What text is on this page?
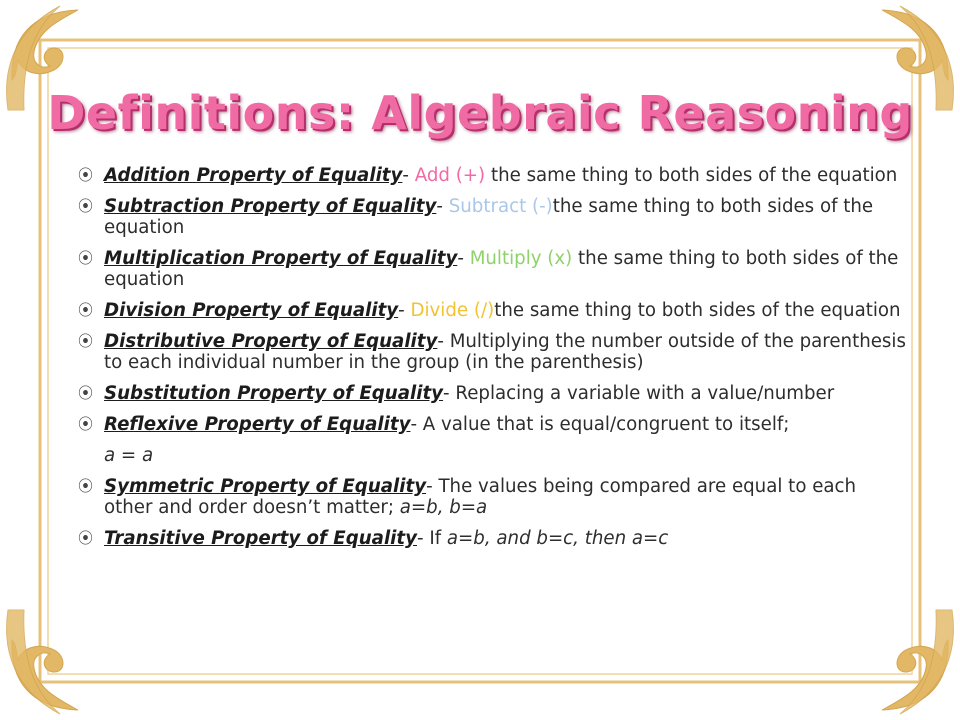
Definitions: Algebraic Reasoning
⦿ Addition Property of Equality- Add (+) the same thing to both sides of the equation
⦿ Subtraction Property of Equality- Subtract (-)the same thing to both sides of the equation
⦿ Multiplication Property of Equality- Multiply (x) the same thing to both sides of the equation
⦿ Division Property of Equality- Divide (/)the same thing to both sides of the equation
⦿ Distributive Property of Equality- Multiplying the number outside of the parenthesis to each individual number in the group (in the parenthesis)
⦿ Substitution Property of Equality- Replacing a variable with a value/number
⦿ Reflexive Property of Equality- A value that is equal/congruent to itself;
a = a
⦿ Symmetric Property of Equality- The values being compared are equal to each other and order doesn’t matter; a=b, b=a
⦿ Transitive Property of Equality- If a=b, and b=c, then a=c
